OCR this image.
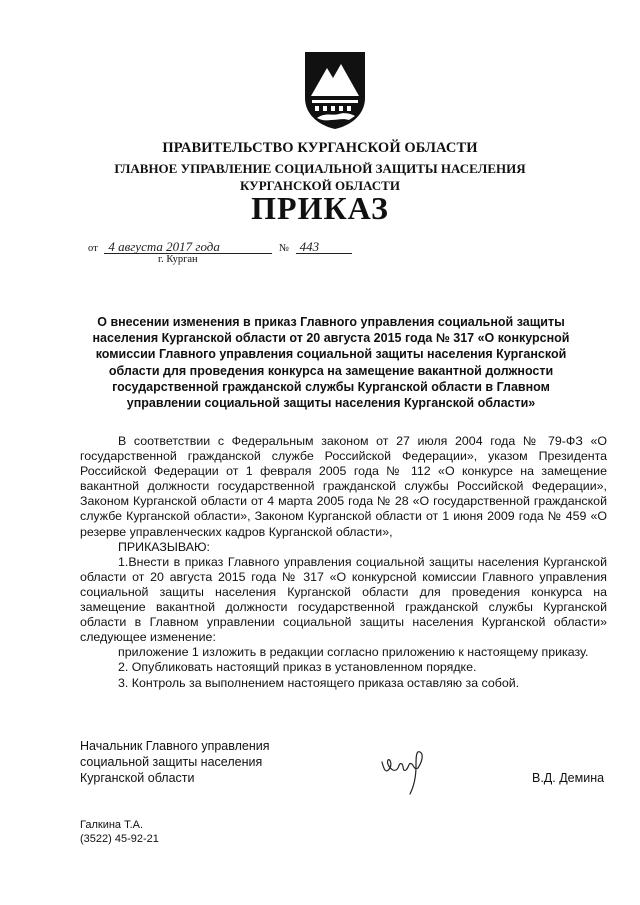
ПРАВИТЕЛЬСТВО КУРГАНСКОЙ ОБЛАСТИ
ГЛАВНОЕ УПРАВЛЕНИЕ СОЦИАЛЬНОЙ ЗАЩИТЫ НАСЕЛЕНИЯ
КУРГАНСКОЙ ОБЛАСТИ
ПРИКАЗ
от 4 августа 2017 года	№ 443
г. Курган
О внесении изменения в приказ Главного управления социальной защиты населения Курганской области от 20 августа 2015 года № 317 «О конкурсной комиссии Главного управления социальной защиты населения Курганской области для проведения конкурса на замещение вакантной должности государственной гражданской службы Курганской области в Главном управлении социальной защиты населения Курганской области»

В соответствии с Федеральным законом от 27 июля 2004 года № 79-ФЗ «О государственной гражданской службе Российской Федерации», указом Президента Российской Федерации от 1 февраля 2005 года № 112 «О конкурсе на замещение вакантной должности государственной гражданской службы Российской Федерации», Законом Курганской области от 4 марта 2005 года № 28 «О государственной гражданской службе Курганской области», Законом Курганской области от 1 июня 2009 года № 459 «О резерве управленческих кадров Курганской области»,

ПРИКАЗЫВАЮ:

1.Внести в приказ Главного управления социальной защиты населения Курганской области от 20 августа 2015 года № 317 «О конкурсной комиссии Главного управления социальной защиты населения Курганской области для проведения конкурса на замещение вакантной должности государственной гражданской службы Курганской области в Главном управлении социальной защиты населения Курганской области» следующее изменение:

приложение 1 изложить в редакции согласно приложению к настоящему приказу.

2. Опубликовать настоящий приказ в установленном порядке.

3. Контроль за выполнением настоящего приказа оставляю за собой.

Начальник Главного управления
социальной защиты населения
Курганской области	В.Д. Демина
Галкина Т.А.
(3522) 45-92-21
